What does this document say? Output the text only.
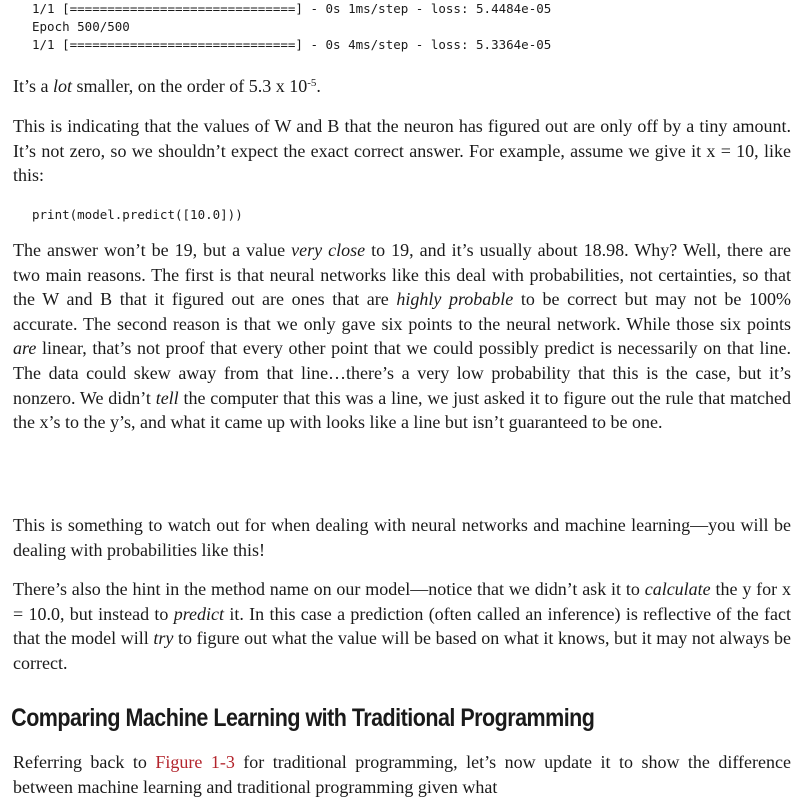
1/1 [==============================] - 0s 1ms/step - loss: 5.4484e-05
Epoch 500/500
1/1 [==============================] - 0s 4ms/step - loss: 5.3364e-05

It’s a lot smaller, on the order of 5.3 x $10^{-5}$.

This is indicating that the values of W and B that the neuron has figured out are only off by a tiny amount. It’s not zero, so we shouldn’t expect the exact correct answer. For example, assume we give it x = 10, like this:

print(model.predict([10.0]))

The answer won’t be 19, but a value very close to 19, and it’s usually about 18.98. Why? Well, there are two main reasons. The first is that neural networks like this deal with probabilities, not certainties, so that the W and B that it figured out are ones that are highly probable to be correct but may not be 100% accurate. The second reason is that we only gave six points to the neural network. While those six points are linear, that’s not proof that every other point that we could possibly predict is necessarily on that line. The data could skew away from that line…there’s a very low probability that this is the case, but it’s nonzero. We didn’t tell the computer that this was a line, we just asked it to figure out the rule that matched the x’s to the y’s, and what it came up with looks like a line but isn’t guaranteed to be one.

This is something to watch out for when dealing with neural networks and machine learning—you will be dealing with probabilities like this!

There’s also the hint in the method name on our model—notice that we didn’t ask it to calculate the y for x = 10.0, but instead to predict it. In this case a prediction (often called an inference) is reflective of the fact that the model will try to figure out what the value will be based on what it knows, but it may not always be correct.

Comparing Machine Learning with Traditional Programming

Referring back to Figure 1-3 for traditional programming, let’s now update it to show the difference between machine learning and traditional programming given what
